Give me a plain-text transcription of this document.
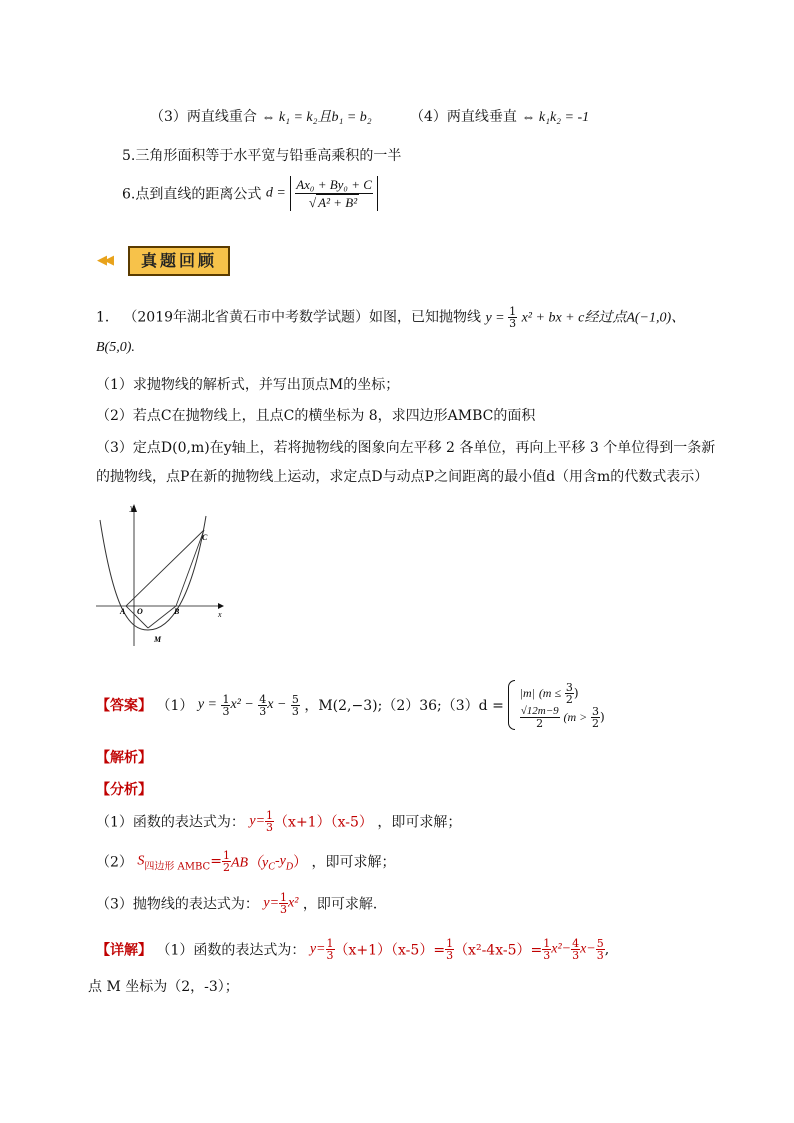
（3）两直线重合 ⇔ k₁ = k₂且b₁ = b₂	（4）两直线垂直 ⇔ k₁k₂ = -1
5.三角形面积等于水平宽与铅垂高乘积的一半
6.点到直线的距离公式 $d = \frac{\text{Ax₀ + By₀ + C}}{\text{√ A² + B²}}$
◀◀	真题回顾
1． （2019年湖北省黄石市中考数学试题）如图，已知抛物线 $y = \frac{1}{3} x^2$ + bx + c经过点A(−1,0)、
B(5,0).
（1）求抛物线的解析式，并写出顶点M的坐标；
（2）若点C在抛物线上，且点C的横坐标为 8，求四边形AMBC的面积
（3）定点D(0,m)在y轴上，若将抛物线的图象向左平移 2 各单位，再向上平移 3 个单位得到一条新
的抛物线，点P在新的抛物线上运动，求定点D与动点P之间距离的最小值d（用含m的代数式表示）
y
x
A O	B
M
C
【答案】 （1） $y = \frac{1}{3} x^2 - \frac{4}{3}$ $x - \frac{5}{3}$ ，M(2,−3);（2）36;（3）d =
|m| ($m \le \frac{3}{2}$ )
$\frac{√12m-9}{2} (m > \frac{3}{2}$ )
【解析】
【分析】
（1）函数的表达式为： $y= \frac{1}{3} (x+1)(x-5)$ ，即可求解；
（2） $S_{四边形 AMBC}= \frac{1}{2} AB(y_C-y_D)$ ，即可求解；
（3）抛物线的表达式为： $y= \frac{1}{3} x^2$ ，即可求解．
【详解】 （1）函数的表达式为： $y= \frac{1}{3} (x+1)(x-5)= \frac{1}{3} (x^2-4x-5)= \frac{1}{3} x^2- \frac{4}{3} x- \frac{5}{3}$ ,
点 M 坐标为（2，-3）；
